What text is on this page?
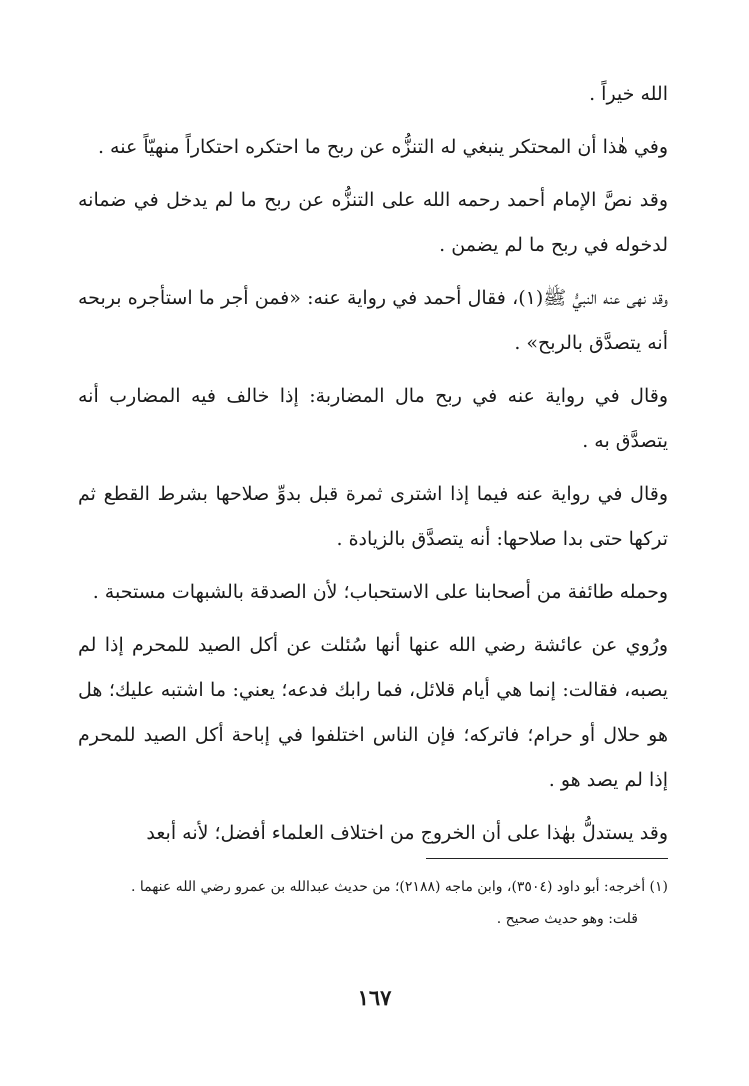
الله خيراً .

وفي هٰذا أن المحتكر ينبغي له التنزُّه عن ربح ما احتكره احتكاراً منهيّاً عنه .

وقد نصَّ الإمام أحمد رحمه الله على التنزُّه عن ربح ما لم يدخل في ضمانه لدخوله في ربح ما لم يضمن .

وقد نهى عنه النبيُّ ﷺ(١)، فقال أحمد في رواية عنه: «فمن أجر ما استأجره بربحه أنه يتصدَّق بالربح» .

وقال في رواية عنه في ربح مال المضاربة: إذا خالف فيه المضارب أنه يتصدَّق به .

وقال في رواية عنه فيما إذا اشترى ثمرة قبل بدوِّ صلاحها بشرط القطع ثم تركها حتى بدا صلاحها: أنه يتصدَّق بالزيادة .

وحمله طائفة من أصحابنا على الاستحباب؛ لأن الصدقة بالشبهات مستحبة .

ورُوي عن عائشة رضي الله عنها أنها سُئلت عن أكل الصيد للمحرم إذا لم يصبه، فقالت: إنما هي أيام قلائل، فما رابك فدعه؛ يعني: ما اشتبه عليك؛ هل هو حلال أو حرام؛ فاتركه؛ فإن الناس اختلفوا في إباحة أكل الصيد للمحرم إذا لم يصد هو .

وقد يستدلُّ بهٰذا على أن الخروج من اختلاف العلماء أفضل؛ لأنه أبعد

(١) أخرجه: أبو داود (٣٥٠٤)، وابن ماجه (٢١٨٨)؛ من حديث عبدالله بن عمرو رضي الله عنهما .

قلت: وهو حديث صحيح .

١٦٧
